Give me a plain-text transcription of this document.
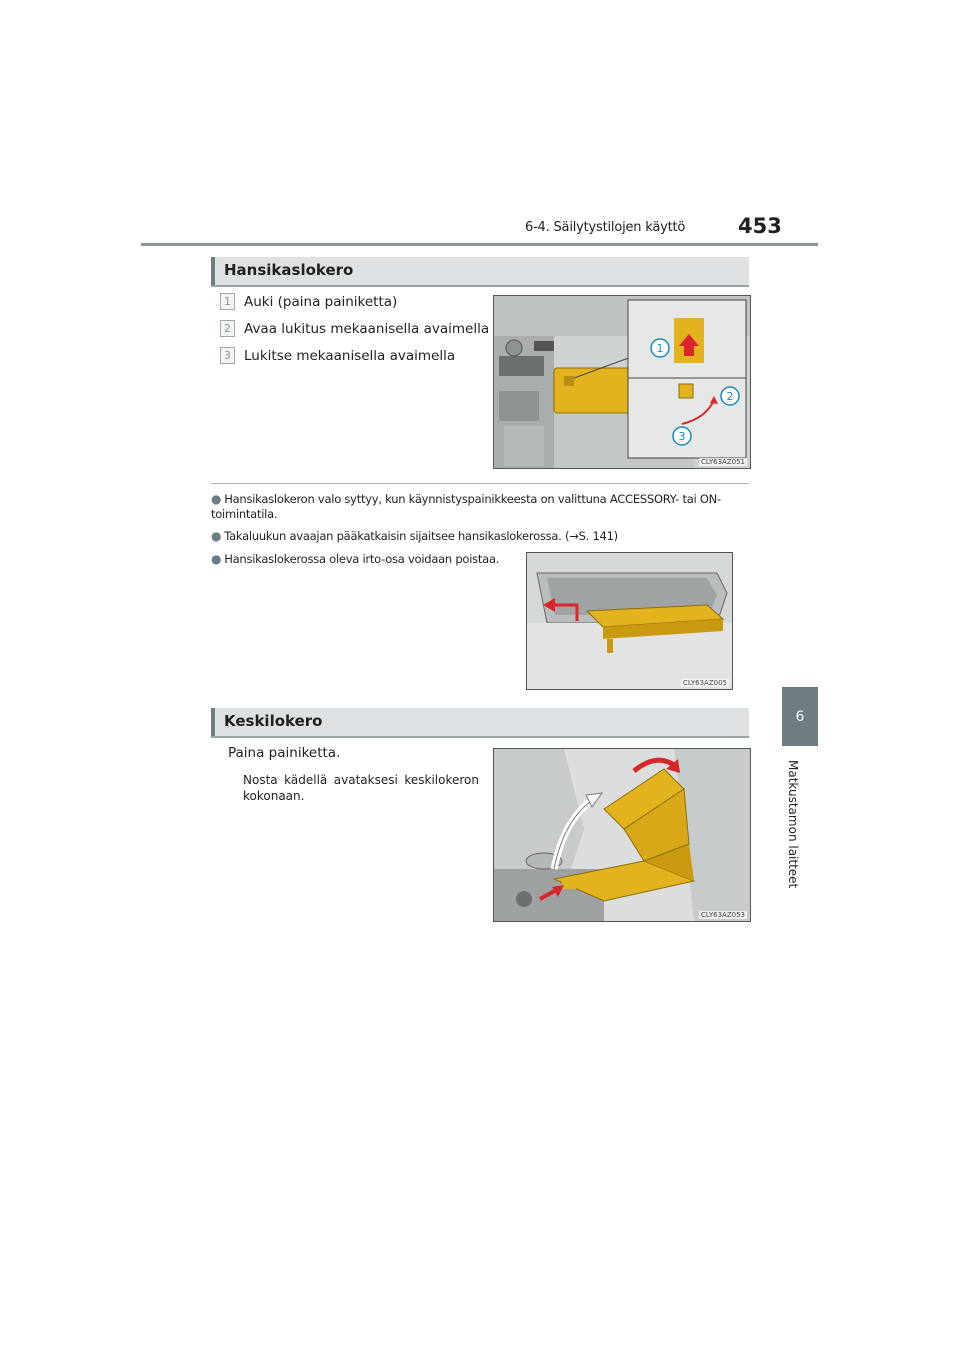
6-4. Säilytystilojen käyttö	453
6
Matkustamon laitteet
Hansikaslokero
1 Auki (paina painiketta)
2 Avaa lukitus mekaanisella avaimella
3 Lukitse mekaanisella avaimella	1
2
3
CLY63AZ051
● Hansikaslokeron valo syttyy, kun käynnistyspainikkeesta on valittuna ACCESSORY- tai ON-toimintatila.
● Takaluukun avaajan pääkatkaisin sijaitsee hansikaslokerossa. (→S. 141)
● Hansikaslokerossa oleva irto-osa voidaan poistaa.
CLY63AZ005
Keskilokero
Paina painiketta.
Nosta kädellä avataksesi keskilokeron kokonaan.
CLY63AZ053
